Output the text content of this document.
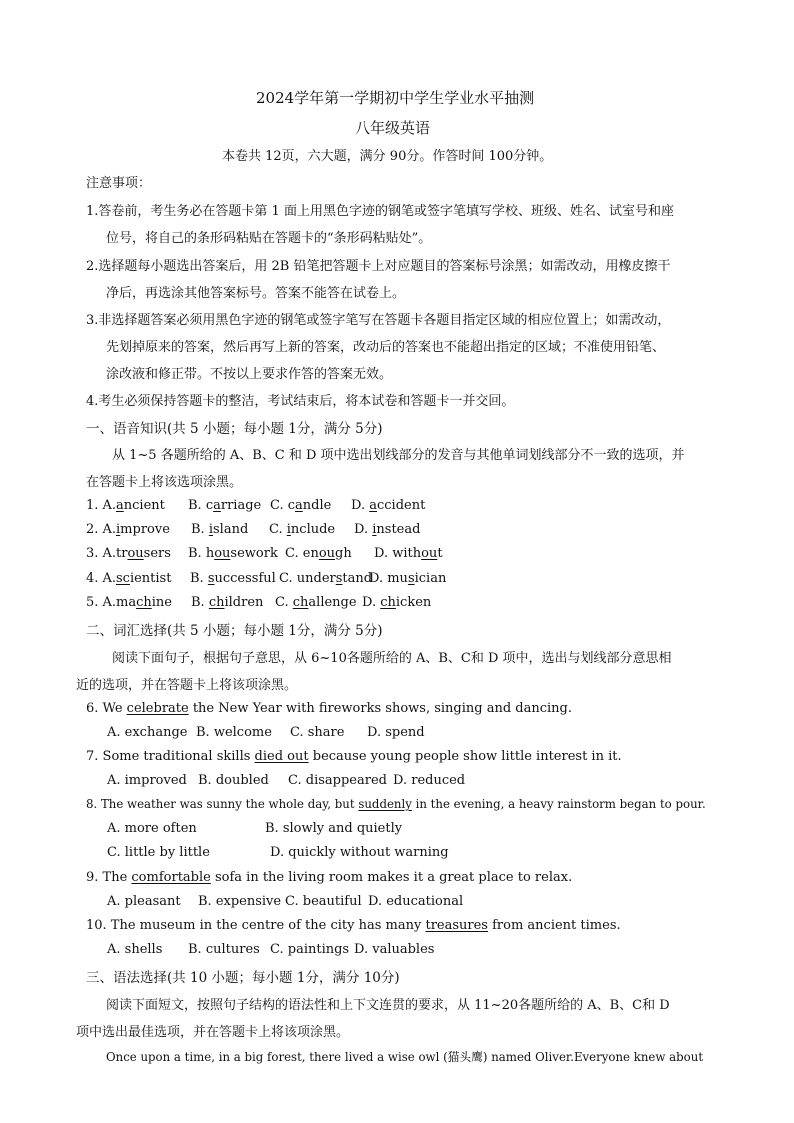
2024学年第一学期初中学生学业水平抽测
八年级英语
本卷共 12页，六大题，满分 90分。作答时间 100分钟。
注意事项：
1.答卷前，考生务必在答题卡第 1 面上用黑色字迹的钢笔或签字笔填写学校、班级、姓名、试室号和座
位号，将自己的条形码粘贴在答题卡的“条形码粘贴处”。
2.选择题每小题选出答案后，用 2B 铅笔把答题卡上对应题目的答案标号涂黑；如需改动，用橡皮擦干
净后，再选涂其他答案标号。答案不能答在试卷上。
3.非选择题答案必须用黑色字迹的钢笔或签字笔写在答题卡各题目指定区域的相应位置上；如需改动，
先划掉原来的答案，然后再写上新的答案，改动后的答案也不能超出指定的区域；不准使用铅笔、
涂改液和修正带。不按以上要求作答的答案无效。
4.考生必须保持答题卡的整洁，考试结束后，将本试卷和答题卡一并交回。
一、语音知识(共 5 小题；每小题 1分，满分 5分)
从 1~5 各题所给的 A、B、C 和 D 项中选出划线部分的发音与其他单词划线部分不一致的选项，并
在答题卡上将该选项涂黑。
1. A. ancient B. carriage C. candle D. accident
2. A. improve B. island C. include D. instead
3. A. trousers B. housework C. enough D. without
4. A. scientist B. successful C. understand
D. musician
5. A. machine B. children C. challenge D. chicken
二、词汇选择(共 5 小题；每小题 1分，满分 5分)
阅读下面句子，根据句子意思，从 6~10各题所给的 A、B、C和 D 项中，选出与划线部分意思相
近的选项，并在答题卡上将该项涂黑。
6. We celebrate the New Year with fireworks shows, singing and dancing.
A. exchange B. welcome C. share D. spend
7. Some traditional skills died out because young people show little interest in it.
A. improved B. doubled C. disappeared D. reduced
8. The weather was sunny the whole day, but suddenly in the evening, a heavy rainstorm began to pour.
A. more often	B. slowly and quietly
C. little by little	D. quickly without warning
9. The comfortable sofa in the living room makes it a great place to relax.
A. pleasant B. expensive C. beautiful D. educational
10. The museum in the centre of the city has many treasures from ancient times.
A. shells B. cultures C. paintings D. valuables
三、语法选择(共 10 小题；每小题 1分，满分 10分)
阅读下面短文，按照句子结构的语法性和上下文连贯的要求，从 11~20各题所给的 A、B、C和 D
项中选出最佳选项，并在答题卡上将该项涂黑。
Once upon a time, in a big forest, there lived a wise owl (猫头鹰) named Oliver.Everyone knew about
